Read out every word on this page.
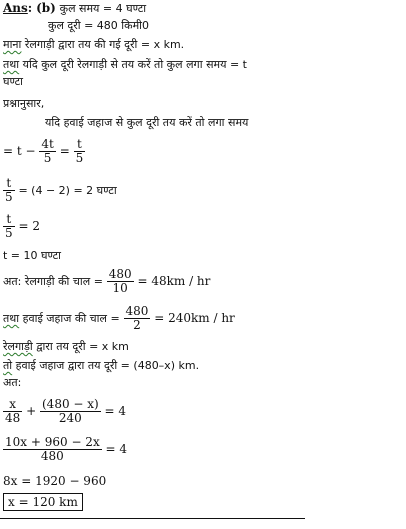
Ans: (b) कुल समय = 4 घण्टा
कुल दूरी = 480 किमी0
माना रेलगाड़ी द्वारा तय की गई दूरी = x km.
तथा यदि कुल दूरी रेलगाड़ी से तय करें तो कुल लगा समय = t
घण्टा
प्रश्नानुसार,
यदि हवाई जहाज से कुल दूरी तय करें तो लगा समय
= $t - \frac{4t}{5} = \frac{t}{5}$
$\frac{t}{5} = (4 - 2) = 2$ घण्टा
$\frac{t}{5} = 2$
t = 10 घण्टा
अत: रेलगाड़ी की चाल = $\frac{480}{10} = 48km$ / hr
तथा हवाई जहाज की चाल = $\frac{480}{2} = 240km$ / hr
रेलगाड़ी द्वारा तय दूरी = x km
तो हवाई जहाज द्वारा तय दूरी = (480–x) km.
अत:
$\frac{x}{48} + \frac{(480 - x)}{240} = 4$
$\frac{10x + 960 - 2x}{480} = 4$
8x = 1920 − 960
x = 120 km
